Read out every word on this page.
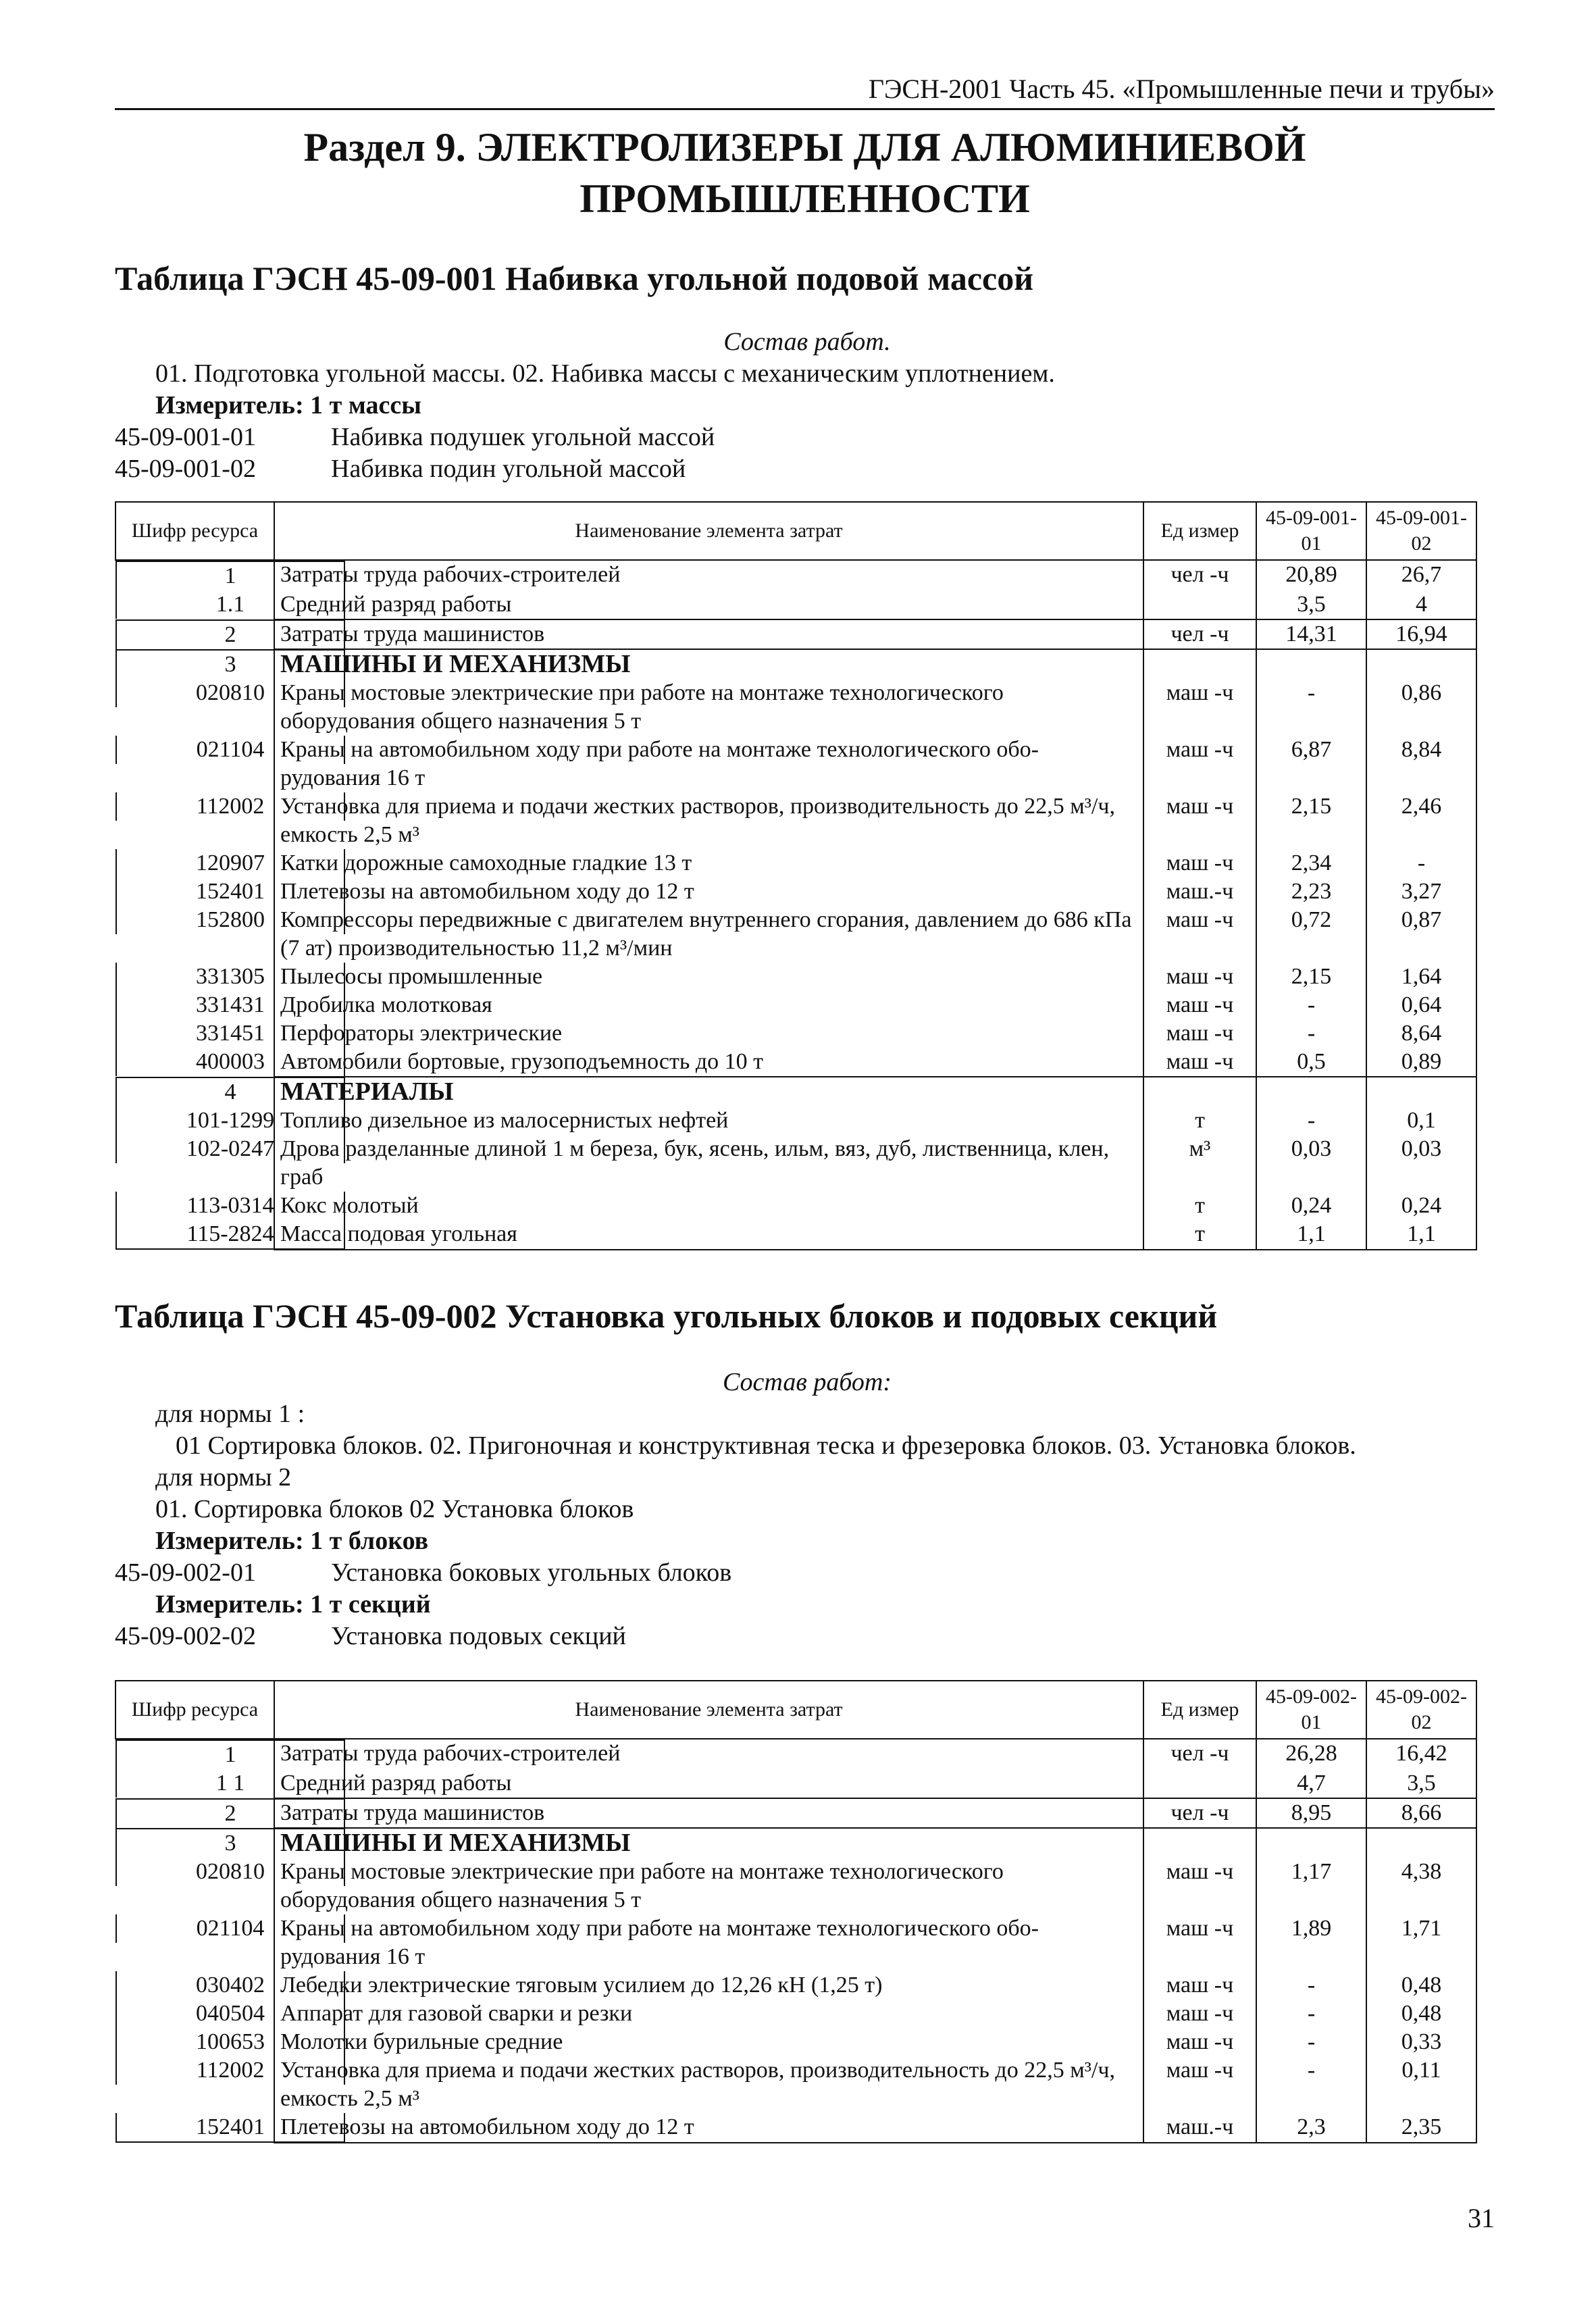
ГЭСН-2001 Часть 45. «Промышленные печи и трубы»
Раздел 9. ЭЛЕКТРОЛИЗЕРЫ ДЛЯ АЛЮМИНИЕВОЙ
ПРОМЫШЛЕННОСТИ
Таблица ГЭСН 45-09-001 Набивка угольной подовой массой
Состав работ.
01. Подготовка угольной массы. 02. Набивка массы с механическим уплотнением.
Измеритель: 1 т массы
45-09-001-01	Набивка подушек угольной массой
45-09-001-02	Набивка подин угольной массой
Шифр ресурса	Наименование элемента затрат	Ед измер	45-09-001-01	45-09-001-02
1 Затраты труда рабочих-строителей	чел -ч	20,89	26,7
1.1 Средний разряд работы		3,5	4
2 Затраты труда машинистов	чел -ч	14,31	16,94
3 МАШИНЫ И МЕХАНИЗМЫ			
020810 Краны мостовые электрические при работе на монтаже технологического оборудования общего назначения 5 т	маш -ч	-	0,86
021104 Краны на автомобильном ходу при работе на монтаже технологического обо-рудования 16 т	маш -ч	6,87	8,84
112002 Установка для приема и подачи жестких растворов, производительность до 22,5 м³/ч, емкость 2,5 м³	маш -ч	2,15	2,46
120907 Катки дорожные самоходные гладкие 13 т	маш -ч	2,34	-
152401 Плетевозы на автомобильном ходу до 12 т	маш.-ч	2,23	3,27
152800 Компрессоры передвижные с двигателем внутреннего сгорания, давлением до 686 кПа (7 ат) производительностью 11,2 м³/мин	маш -ч	0,72	0,87
331305 Пылесосы промышленные	маш -ч	2,15	1,64
331431 Дробилка молотковая	маш -ч	-	0,64
331451 Перфораторы электрические	маш -ч	-	8,64
400003 Автомобили бортовые, грузоподъемность до 10 т	маш -ч	0,5	0,89
4 МАТЕРИАЛЫ			
101-1299 Топливо дизельное из малосернистых нефтей	т	-	0,1
102-0247 Дрова разделанные длиной 1 м береза, бук, ясень, ильм, вяз, дуб, лиственница, клен, граб	м³	0,03	0,03
113-0314 Кокс молотый	т	0,24	0,24
115-2824 Масса подовая угольная	т	1,1	1,1
Таблица ГЭСН 45-09-002 Установка угольных блоков и подовых секций
Состав работ:
для нормы 1 :
01 Сортировка блоков. 02. Пригоночная и конструктивная теска и фрезеровка блоков. 03. Установка блоков.
для нормы 2
01. Сортировка блоков 02 Установка блоков
Измеритель: 1 т блоков
45-09-002-01	Установка боковых угольных блоков
Измеритель: 1 т секций
45-09-002-02	Установка подовых секций
Шифр ресурса	Наименование элемента затрат	Ед измер	45-09-002-01	45-09-002-02
1 Затраты труда рабочих-строителей	чел -ч	26,28	16,42
1 1 Средний разряд работы		4,7	3,5
2 Затраты труда машинистов	чел -ч	8,95	8,66
3 МАШИНЫ И МЕХАНИЗМЫ			
020810 Краны мостовые электрические при работе на монтаже технологического оборудования общего назначения 5 т	маш -ч	1,17	4,38
021104 Краны на автомобильном ходу при работе на монтаже технологического обо-рудования 16 т	маш -ч	1,89	1,71
030402 Лебедки электрические тяговым усилием до 12,26 кН (1,25 т)	маш -ч	-	0,48
040504 Аппарат для газовой сварки и резки	маш -ч	-	0,48
100653 Молотки бурильные средние	маш -ч	-	0,33
112002 Установка для приема и подачи жестких растворов, производительность до 22,5 м³/ч, емкость 2,5 м³	маш -ч	-	0,11
152401 Плетевозы на автомобильном ходу до 12 т	маш.-ч	2,3	2,35
31
